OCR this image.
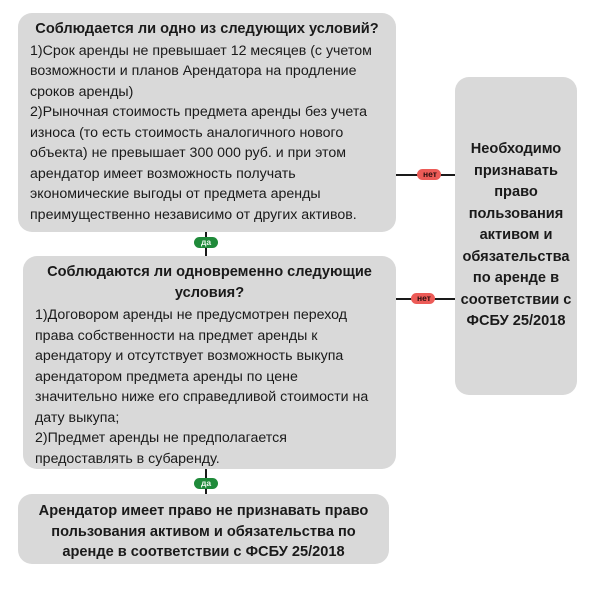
Соблюдается ли одно из следующих условий?

1)Срок аренды не превышает 12 месяцев (с учетом возможности и планов Арендатора на продление сроков аренды)

2)Рыночная стоимость предмета аренды без учета износа (то есть стоимость аналогичного нового объекта) не превышает 300 000 руб. и при этом арендатор имеет возможность получать экономические выгоды от предмета аренды преимущественно независимо от других активов.

Соблюдаются ли одновременно следующие условия?

1)Договором аренды не предусмотрен переход права собственности на предмет аренды к арендатору и отсутствует возможность выкупа арендатором предмета аренды по цене значительно ниже его справедливой стоимости на дату выкупа;

2)Предмет аренды не предполагается предоставлять в субаренду.

Арендатор имеет право не признавать право пользования активом и обязательства по аренде в соответствии с ФСБУ 25/2018
Необходимо признавать право пользования активом и обязательства по аренде в соответствии с ФСБУ 25/2018
нет
нет
да
да
